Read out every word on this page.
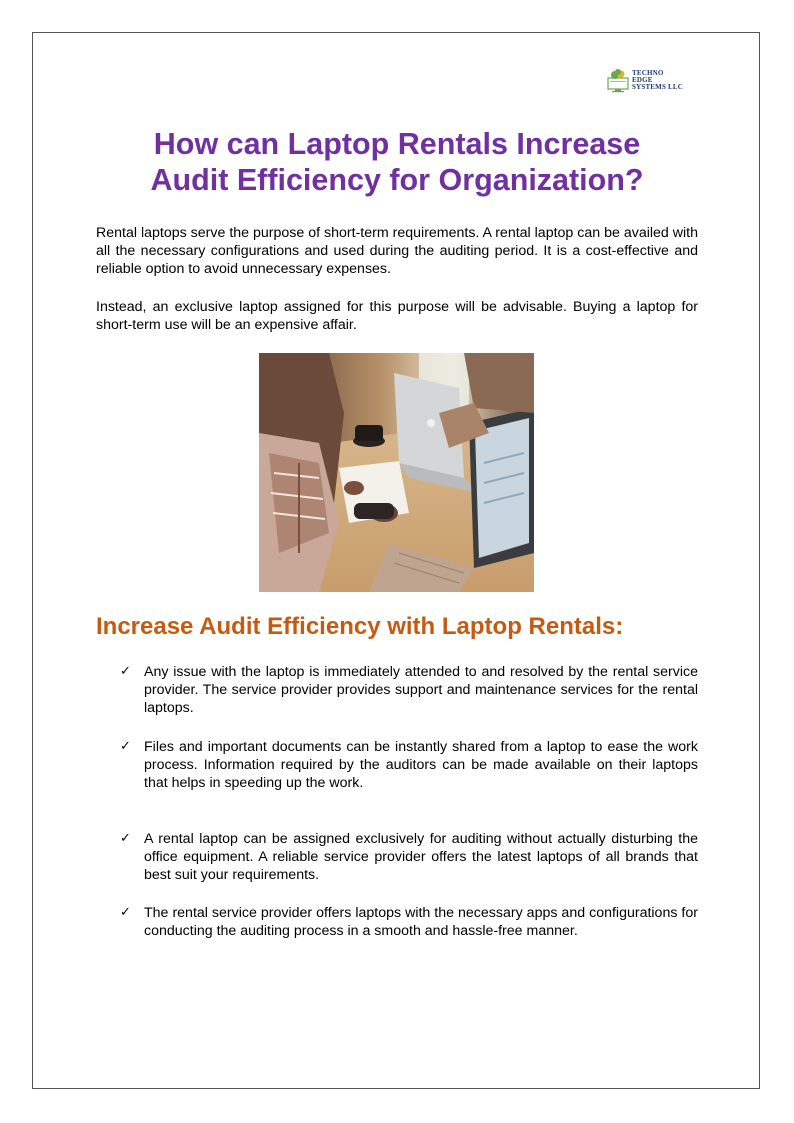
TECHNO
EDGE
SYSTEMS LLC
How can Laptop Rentals Increase
Audit Efficiency for Organization?

Rental laptops serve the purpose of short-term requirements. A rental laptop can be availed with all the necessary configurations and used during the auditing period. It is a cost-effective and reliable option to avoid unnecessary expenses.

Instead, an exclusive laptop assigned for this purpose will be advisable. Buying a laptop for short-term use will be an expensive affair.

Increase Audit Efficiency with Laptop Rentals:
✓ Any issue with the laptop is immediately attended to and resolved by the rental service provider. The service provider provides support and maintenance services for the rental laptops.
✓ Files and important documents can be instantly shared from a laptop to ease the work process. Information required by the auditors can be made available on their laptops that helps in speeding up the work.
✓ A rental laptop can be assigned exclusively for auditing without actually disturbing the office equipment. A reliable service provider offers the latest laptops of all brands that best suit your requirements.
✓ The rental service provider offers laptops with the necessary apps and configurations for conducting the auditing process in a smooth and hassle-free manner.
